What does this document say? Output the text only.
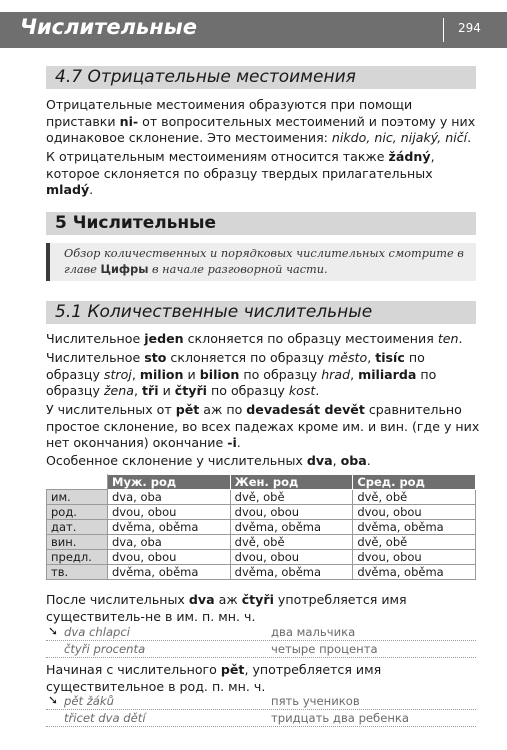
Числительные	294
4.7 Отрицательные местоимения

Отрицательные местоимения образуются при помощи приставки ni- от вопросительных местоимений и поэтому у них одинаковое склонение. Это местоимения: nikdo, nic, nijaký, ničí.

К отрицательным местоимениям относится также žádný, которое склоняется по образцу твердых прилагательных mladý.

5 Числительные
Обзор количественных и порядковых числительных смотрите в главе Цифры в начале разговорной части.
5.1 Количественные числительные

Числительное jeden склоняется по образцу местоимения ten.

Числительное sto склоняется по образцу město, tisíc по образцу stroj, milion и bilion по образцу hrad, miliarda по образцу žena, tři и čtyři по образцу kost.

У числительных от pět аж по devadesát devět сравнительно простое склонение, во всех падежах кроме им. и вин. (где у них нет окончания) окончание -i.

Особенное склонение у числительных dva, oba.

	Муж. род	Жен. род	Сред. род
им.	dva, oba	dvě, obě	dvě, obě
род.	dvou, obou	dvou, obou	dvou, obou
дат.	dvěma, oběma	dvěma, oběma	dvěma, oběma
вин.	dva, oba	dvě, obě	dvě, obě
предл.	dvou, obou	dvou, obou	dvou, obou
тв.	dvěma, oběma	dvěma, oběma	dvěma, oběma

После числительных dva аж čtyři употребляется имя существитель-не в им. п. мн. ч.

➘ dva chlapci	два мальчика
čtyři procenta	четыре процента

Начиная с числительного pět, употребляется имя существительное в род. п. мн. ч.

➘ pět žáků	пять учеников
třicet dva dětí	тридцать два ребенка
